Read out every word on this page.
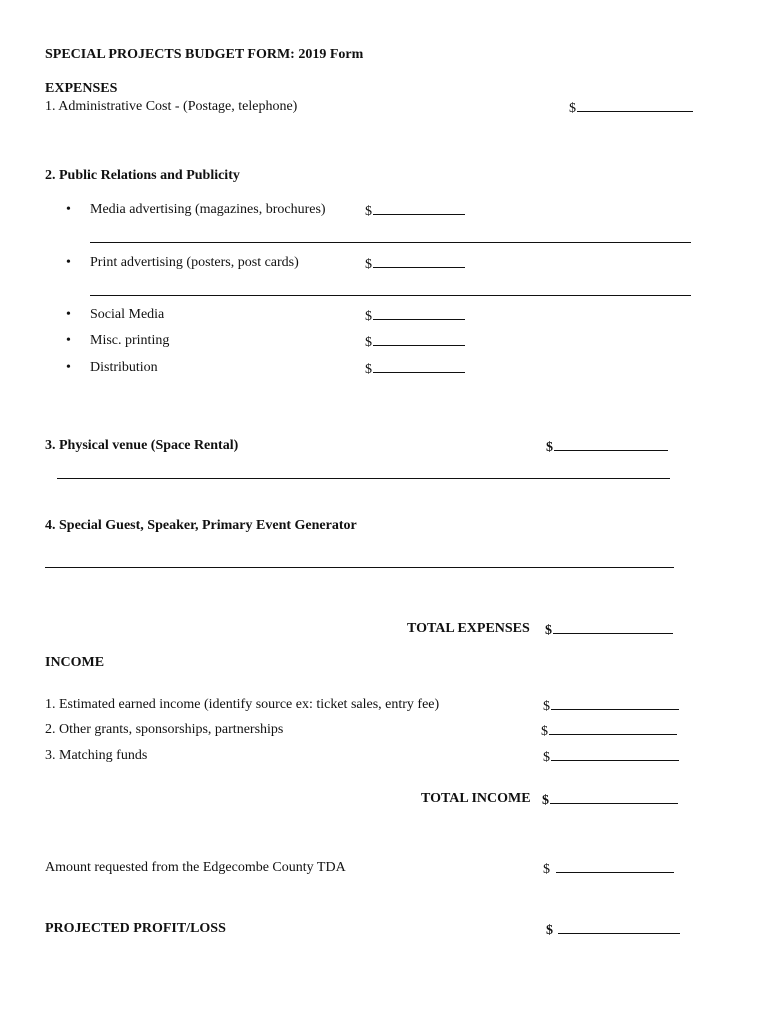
SPECIAL PROJECTS BUDGET FORM: 2019 Form
EXPENSES
1. Administrative Cost - (Postage, telephone)	$
2. Public Relations and Publicity
• Media advertising (magazines, brochures)	$
• Print advertising (posters, post cards)	$
• Social Media	$
• Misc. printing	$
• Distribution	$
3. Physical venue (Space Rental)	$
4. Special Guest, Speaker, Primary Event Generator
TOTAL EXPENSES $
INCOME
1. Estimated earned income (identify source ex: ticket sales, entry fee)	$
2. Other grants, sponsorships, partnerships	$
3. Matching funds	$
TOTAL INCOME $
Amount requested from the Edgecombe County TDA	$
PROJECTED PROFIT/LOSS	$
